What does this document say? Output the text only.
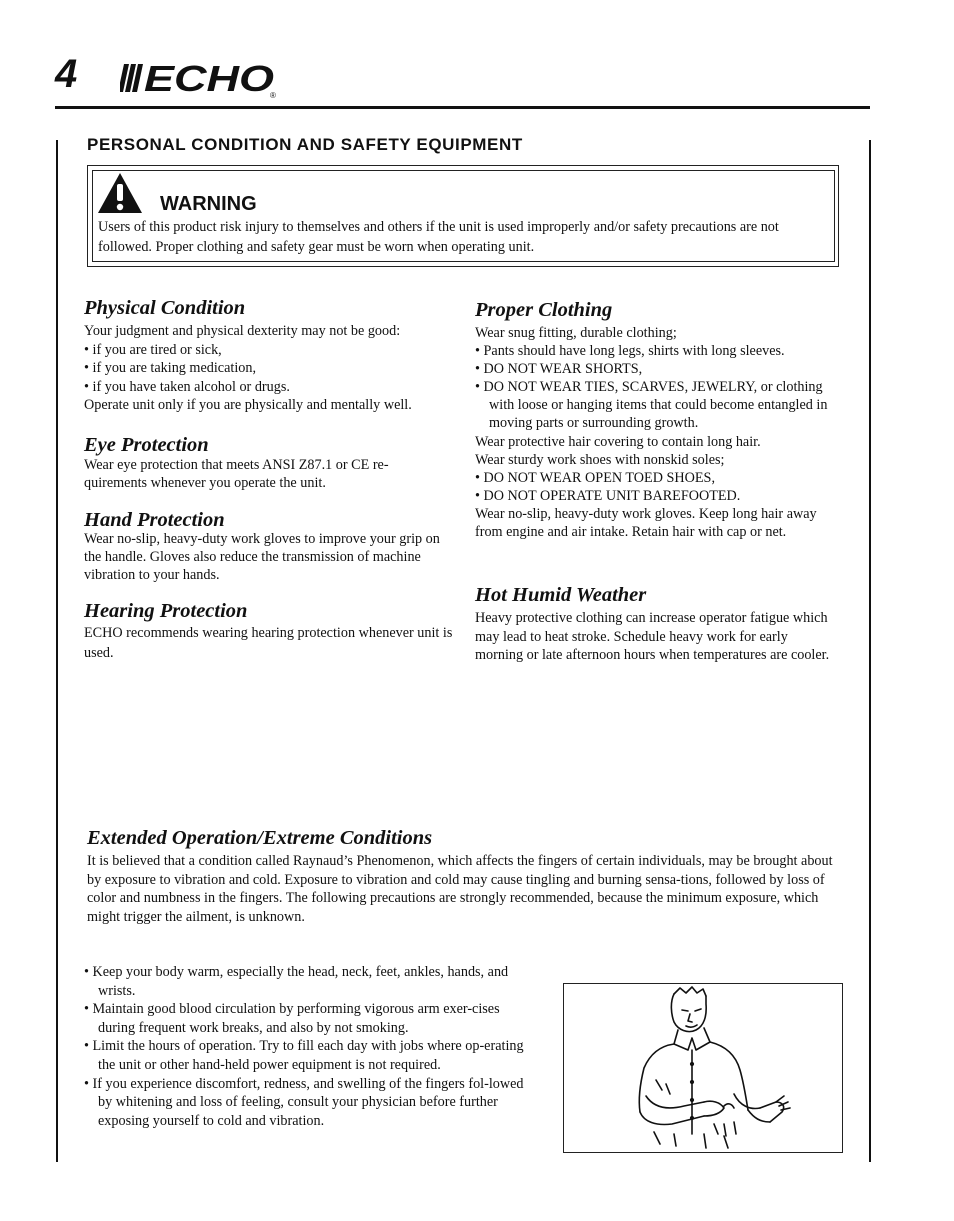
4 ECHO
®
PERSONAL CONDITION AND SAFETY EQUIPMENT
WARNING
Users of this product risk injury to themselves and others if the unit is used improperly and/or safety precautions are not followed. Proper clothing and safety gear must be worn when operating unit.
Physical Condition

Your judgment and physical dexterity may not be good:

• if you are tired or sick,

• if you are taking medication,

• if you have taken alcohol or drugs.

Operate unit only if you are physically and mentally well.

Eye Protection
Wear eye protection that meets ANSI Z87.1 or CE re-quirements whenever you operate the unit.
Hand Protection
Wear no-slip, heavy-duty work gloves to improve your grip on the handle. Gloves also reduce the transmission of machine vibration to your hands.
Hearing Protection
ECHO recommends wearing hearing protection whenever unit is used.
Proper Clothing

Wear snug fitting, durable clothing;

• Pants should have long legs, shirts with long sleeves.

• DO NOT WEAR SHORTS,

• DO NOT WEAR TIES, SCARVES, JEWELRY, or clothing with loose or hanging items that could become entangled in moving parts or surrounding growth.

Wear protective hair covering to contain long hair.

Wear sturdy work shoes with nonskid soles;

• DO NOT WEAR OPEN TOED SHOES,

• DO NOT OPERATE UNIT BAREFOOTED.

Wear no-slip, heavy-duty work gloves. Keep long hair away from engine and air intake. Retain hair with cap or net.

Hot Humid Weather
Heavy protective clothing can increase operator fatigue which may lead to heat stroke. Schedule heavy work for early morning or late afternoon hours when temperatures are cooler.
Extended Operation/Extreme Conditions
It is believed that a condition called Raynaud’s Phenomenon, which affects the fingers of certain individuals, may be brought about by exposure to vibration and cold. Exposure to vibration and cold may cause tingling and burning sensa-tions, followed by loss of color and numbness in the fingers. The following precautions are strongly recommended, because the minimum exposure, which might trigger the ailment, is unknown.

• Keep your body warm, especially the head, neck, feet, ankles, hands, and wrists.

• Maintain good blood circulation by performing vigorous arm exer-cises during frequent work breaks, and also by not smoking.

• Limit the hours of operation. Try to fill each day with jobs where op-erating the unit or other hand-held power equipment is not required.

• If you experience discomfort, redness, and swelling of the fingers fol-lowed by whitening and loss of feeling, consult your physician before further exposing yourself to cold and vibration.
